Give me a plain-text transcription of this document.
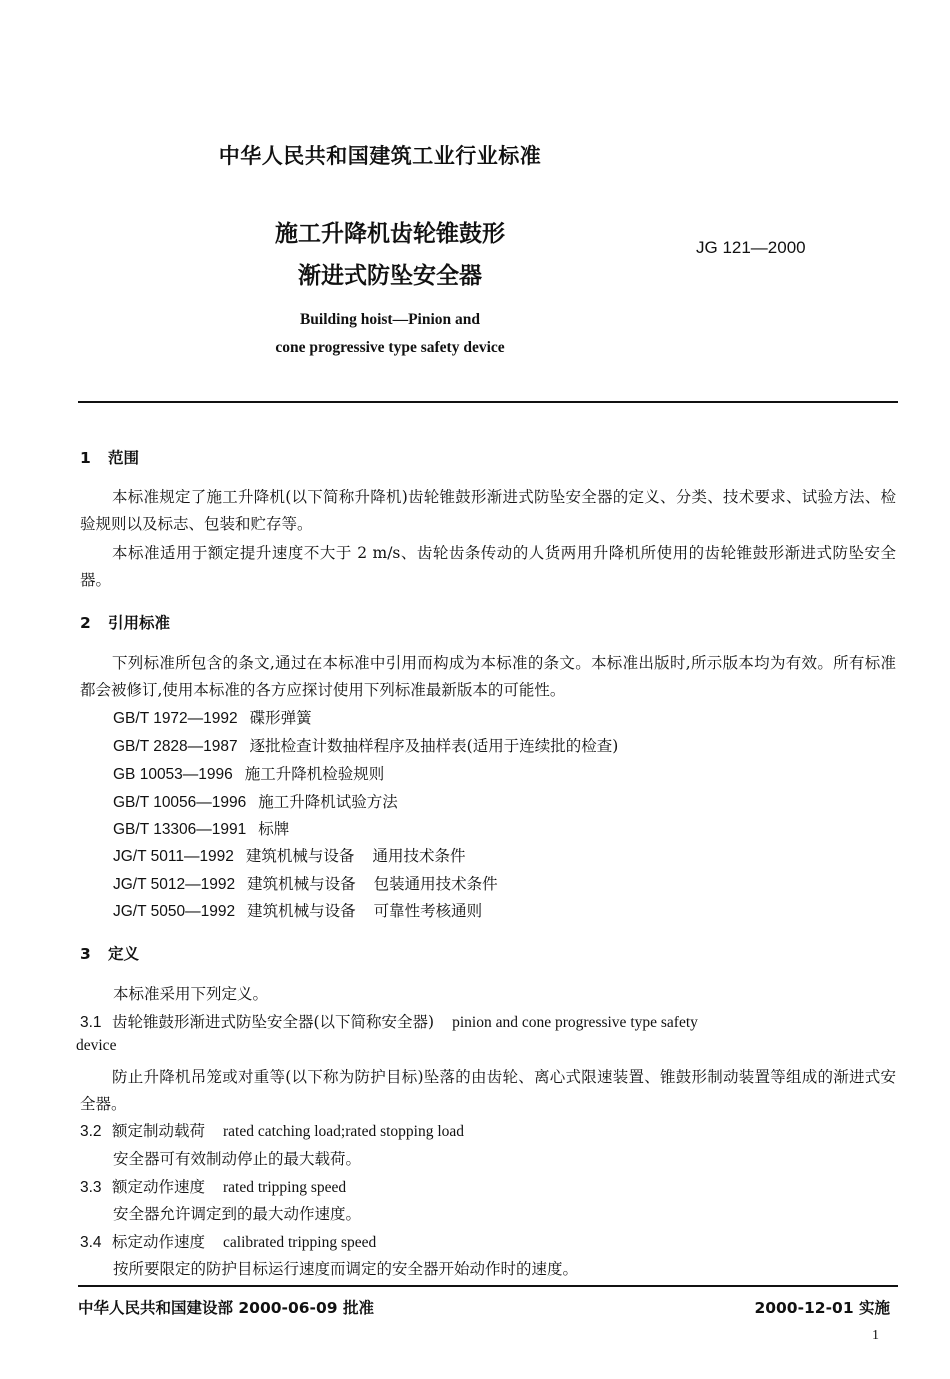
中华人民共和国建筑工业行业标准
施工升降机齿轮锥鼓形
渐进式防坠安全器
JG 121—2000
Building hoist—Pinion and
cone progressive type safety device
1 范围
本标准规定了施工升降机(以下简称升降机)齿轮锥鼓形渐进式防坠安全器的定义、分类、技术要求、试验方法、检验规则以及标志、包装和贮存等。
本标准适用于额定提升速度不大于 2 m/s、齿轮齿条传动的人货两用升降机所使用的齿轮锥鼓形渐进式防坠安全器。
2 引用标准
下列标准所包含的条文,通过在本标准中引用而构成为本标准的条文。本标准出版时,所示版本均为有效。所有标准都会被修订,使用本标准的各方应探讨使用下列标准最新版本的可能性。
GB/T 1972—1992 碟形弹簧
GB/T 2828—1987 逐批检查计数抽样程序及抽样表(适用于连续批的检查)
GB 10053—1996 施工升降机检验规则
GB/T 10056—1996 施工升降机试验方法
GB/T 13306—1991 标牌
JG/T 5011—1992 建筑机械与设备 通用技术条件
JG/T 5012—1992 建筑机械与设备 包装通用技术条件
JG/T 5050—1992 建筑机械与设备 可靠性考核通则
3 定义
本标准采用下列定义。
3.1 齿轮锥鼓形渐进式防坠安全器(以下简称安全器) pinion and cone progressive type safety
device
防止升降机吊笼或对重等(以下称为防护目标)坠落的由齿轮、离心式限速装置、锥鼓形制动装置等组成的渐进式安全器。
3.2 额定制动载荷 rated catching load;rated stopping load
安全器可有效制动停止的最大载荷。
3.3 额定动作速度 rated tripping speed
安全器允许调定到的最大动作速度。
3.4 标定动作速度 calibrated tripping speed
按所要限定的防护目标运行速度而调定的安全器开始动作时的速度。
中华人民共和国建设部 2000-06-09 批准	2000-12-01 实施
1
